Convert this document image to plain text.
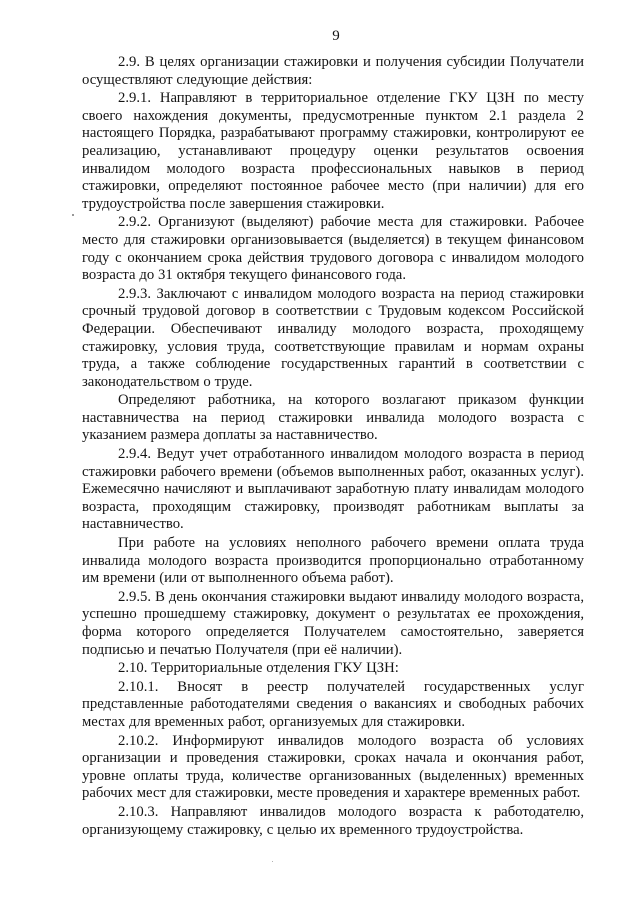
9

2.9. В целях организации стажировки и получения субсидии Получатели осуществляют следующие действия:

2.9.1. Направляют в территориальное отделение ГКУ ЦЗН по месту своего нахождения документы, предусмотренные пунктом 2.1 раздела 2 настоящего Порядка, разрабатывают программу стажировки, контролируют ее реализацию, устанавливают процедуру оценки результатов освоения инвалидом молодого возраста профессиональных навыков в период стажировки, определяют постоянное рабочее место (при наличии) для его трудоустройства после завершения стажировки.

2.9.2. Организуют (выделяют) рабочие места для стажировки. Рабочее место для стажировки организовывается (выделяется) в текущем финансовом году с окончанием срока действия трудового договора с инвалидом молодого возраста до 31 октября текущего финансового года.

2.9.3. Заключают с инвалидом молодого возраста на период стажировки срочный трудовой договор в соответствии с Трудовым кодексом Российской Федерации. Обеспечивают инвалиду молодого возраста, проходящему стажировку, условия труда, соответствующие правилам и нормам охраны труда, а также соблюдение государственных гарантий в соответствии с законодательством о труде.

Определяют работника, на которого возлагают приказом функции наставничества на период стажировки инвалида молодого возраста с указанием размера доплаты за наставничество.

2.9.4. Ведут учет отработанного инвалидом молодого возраста в период стажировки рабочего времени (объемов выполненных работ, оказанных услуг). Ежемесячно начисляют и выплачивают заработную плату инвалидам молодого возраста, проходящим стажировку, производят работникам выплаты за наставничество.

При работе на условиях неполного рабочего времени оплата труда инвалида молодого возраста производится пропорционально отработанному им времени (или от выполненного объема работ).

2.9.5. В день окончания стажировки выдают инвалиду молодого возраста, успешно прошедшему стажировку, документ о результатах ее прохождения, форма которого определяется Получателем самостоятельно, заверяется подписью и печатью Получателя (при её наличии).

2.10. Территориальные отделения ГКУ ЦЗН:

2.10.1. Вносят в реестр получателей государственных услуг представленные работодателями сведения о вакансиях и свободных рабочих местах для временных работ, организуемых для стажировки.

2.10.2. Информируют инвалидов молодого возраста об условиях организации и проведения стажировки, сроках начала и окончания работ, уровне оплаты труда, количестве организованных (выделенных) временных рабочих мест для стажировки, месте проведения и характере временных работ.

2.10.3. Направляют инвалидов молодого возраста к работодателю, организующему стажировку, с целью их временного трудоустройства.
